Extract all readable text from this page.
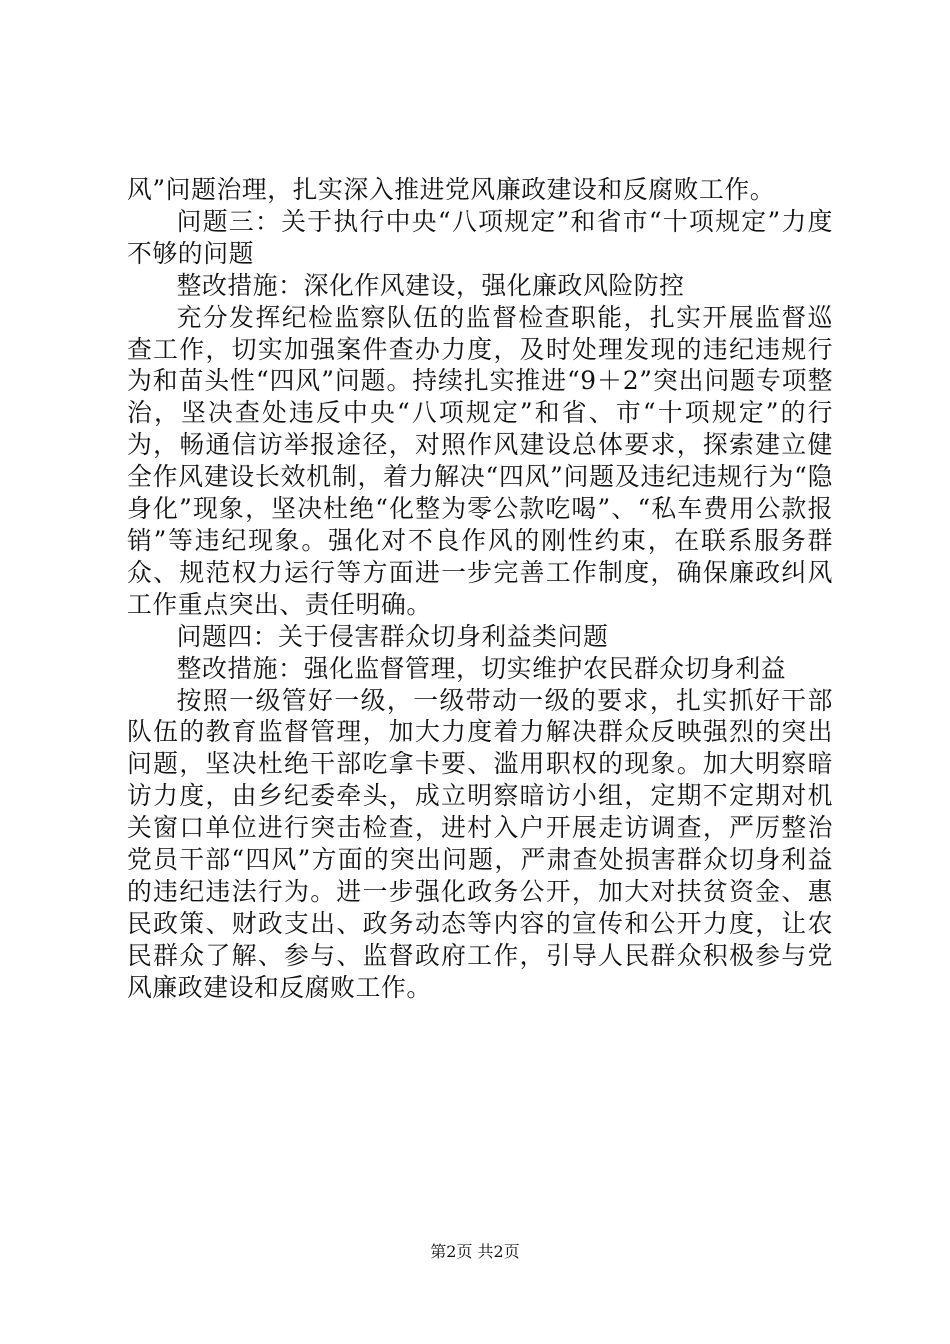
风”问题治理，扎实深入推进党风廉政建设和反腐败工作。

问题三：关于执行中央“八项规定”和省市“十项规定”力度不够的问题

整改措施：深化作风建设，强化廉政风险防控

充分发挥纪检监察队伍的监督检查职能，扎实开展监督巡查工作，切实加强案件查办力度，及时处理发现的违纪违规行为和苗头性“四风”问题。持续扎实推进“9＋2”突出问题专项整治，坚决查处违反中央“八项规定”和省、市“十项规定”的行为，畅通信访举报途径，对照作风建设总体要求，探索建立健全作风建设长效机制，着力解决“四风”问题及违纪违规行为“隐身化”现象，坚决杜绝“化整为零公款吃喝”、“私车费用公款报销”等违纪现象。强化对不良作风的刚性约束，在联系服务群众、规范权力运行等方面进一步完善工作制度，确保廉政纠风工作重点突出、责任明确。

问题四：关于侵害群众切身利益类问题

整改措施：强化监督管理，切实维护农民群众切身利益

按照一级管好一级，一级带动一级的要求，扎实抓好干部队伍的教育监督管理，加大力度着力解决群众反映强烈的突出问题，坚决杜绝干部吃拿卡要、滥用职权的现象。加大明察暗访力度，由乡纪委牵头，成立明察暗访小组，定期不定期对机关窗口单位进行突击检查，进村入户开展走访调查，严厉整治党员干部“四风”方面的突出问题，严肃查处损害群众切身利益的违纪违法行为。进一步强化政务公开，加大对扶贫资金、惠民政策、财政支出、政务动态等内容的宣传和公开力度，让农民群众了解、参与、监督政府工作，引导人民群众积极参与党风廉政建设和反腐败工作。

第2页 共2页
